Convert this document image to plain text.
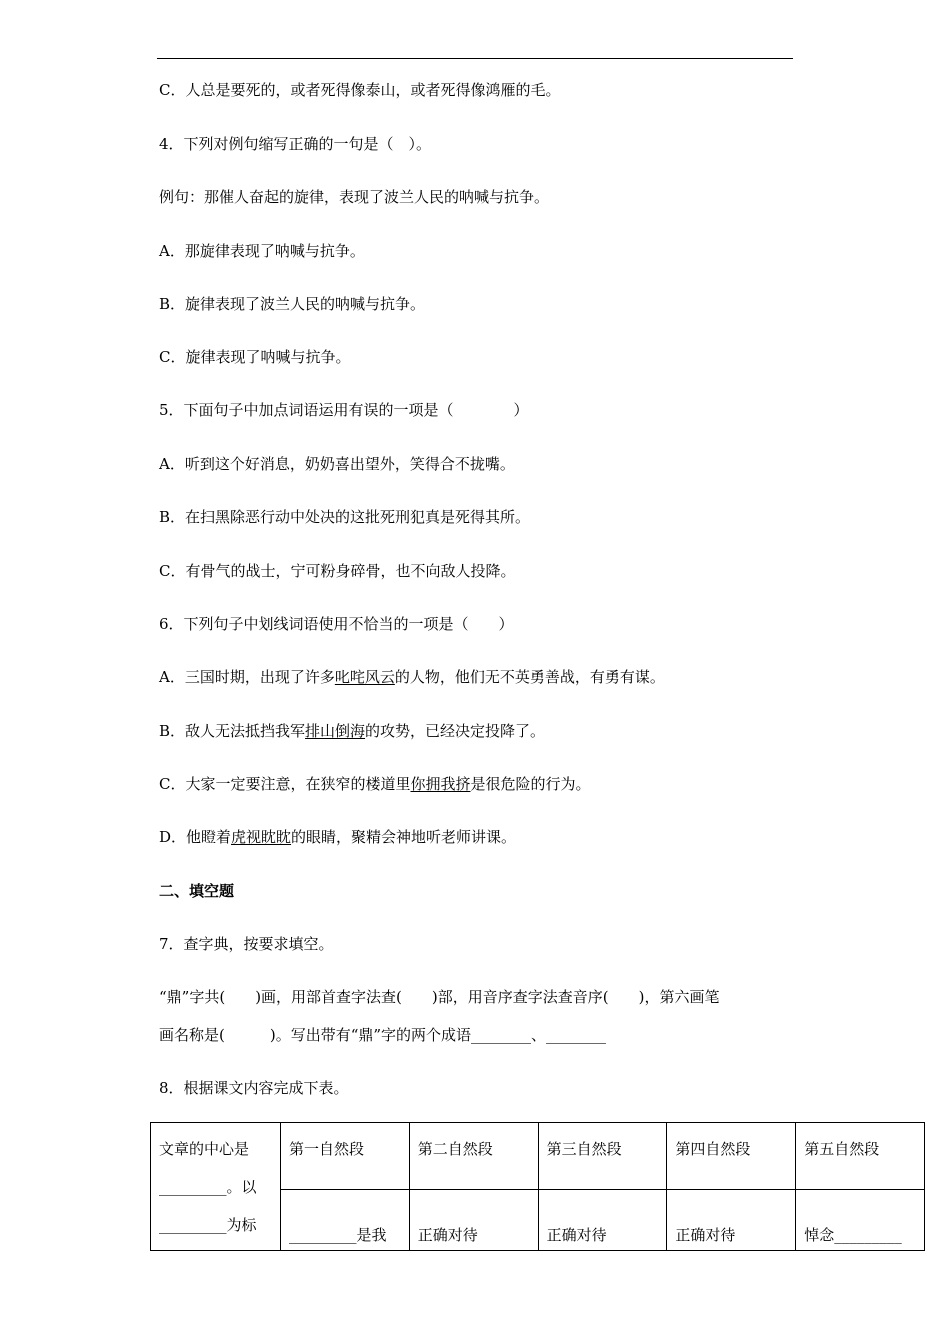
C．人总是要死的，或者死得像泰山，或者死得像鸿雁的毛。

4．下列对例句缩写正确的一句是（　）。

例句：那催人奋起的旋律，表现了波兰人民的呐喊与抗争。

A．那旋律表现了呐喊与抗争。

B．旋律表现了波兰人民的呐喊与抗争。

C．旋律表现了呐喊与抗争。

5．下面句子中加点词语运用有误的一项是（　　　　）

A．听到这个好消息，奶奶喜出望外，笑得合不拢嘴。

B．在扫黑除恶行动中处决的这批死刑犯真是死得其所。

C．有骨气的战士，宁可粉身碎骨，也不向敌人投降。

6．下列句子中划线词语使用不恰当的一项是（　　）

A．三国时期，出现了许多叱咤风云的人物，他们无不英勇善战，有勇有谋。

B．敌人无法抵挡我军排山倒海的攻势，已经决定投降了。

C．大家一定要注意，在狭窄的楼道里你拥我挤是很危险的行为。

D．他瞪着虎视眈眈的眼睛，聚精会神地听老师讲课。

二、填空题

7．查字典，按要求填空。

“鼎”字共(　　)画，用部首查字法查(　　)部，用音序查字法查音序(　　)，第六画笔

画名称是(　　　)。写出带有“鼎”字的两个成语________、________

8．根据课文内容完成下表。

文章的中心是
_________。以
_________为标	第一自然段	第二自然段	第三自然段	第四自然段	第五自然段
	_________是我	正确对待	正确对待	正确对待	悼念_________
